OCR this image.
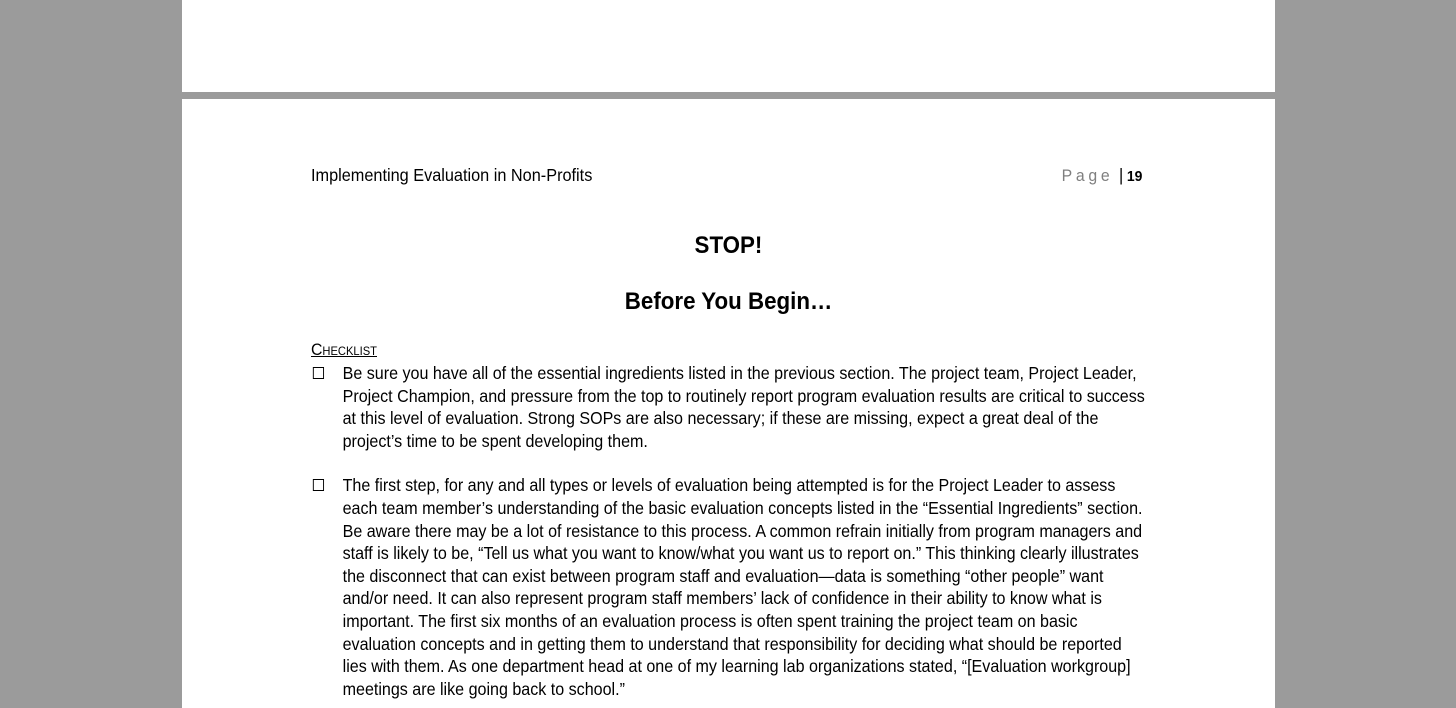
Implementing Evaluation in Non-Profits	Page | 19
STOP!
Before You Begin…
Checklist
Be sure you have all of the essential ingredients listed in the previous section. The project team, Project Leader, Project Champion, and pressure from the top to routinely report program evaluation results are critical to success at this level of evaluation. Strong SOPs are also necessary; if these are missing, expect a great deal of the project’s time to be spent developing them.
The first step, for any and all types or levels of evaluation being attempted is for the Project Leader to assess each team member’s understanding of the basic evaluation concepts listed in the “Essential Ingredients” section. Be aware there may be a lot of resistance to this process. A common refrain initially from program managers and staff is likely to be, “Tell us what you want to know/what you want us to report on.” This thinking clearly illustrates the disconnect that can exist between program staff and evaluation—data is something “other people” want and/or need. It can also represent program staff members’ lack of confidence in their ability to know what is important. The first six months of an evaluation process is often spent training the project team on basic evaluation concepts and in getting them to understand that responsibility for deciding what should be reported lies with them. As one department head at one of my learning lab organizations stated, “[Evaluation workgroup] meetings are like going back to school.”
